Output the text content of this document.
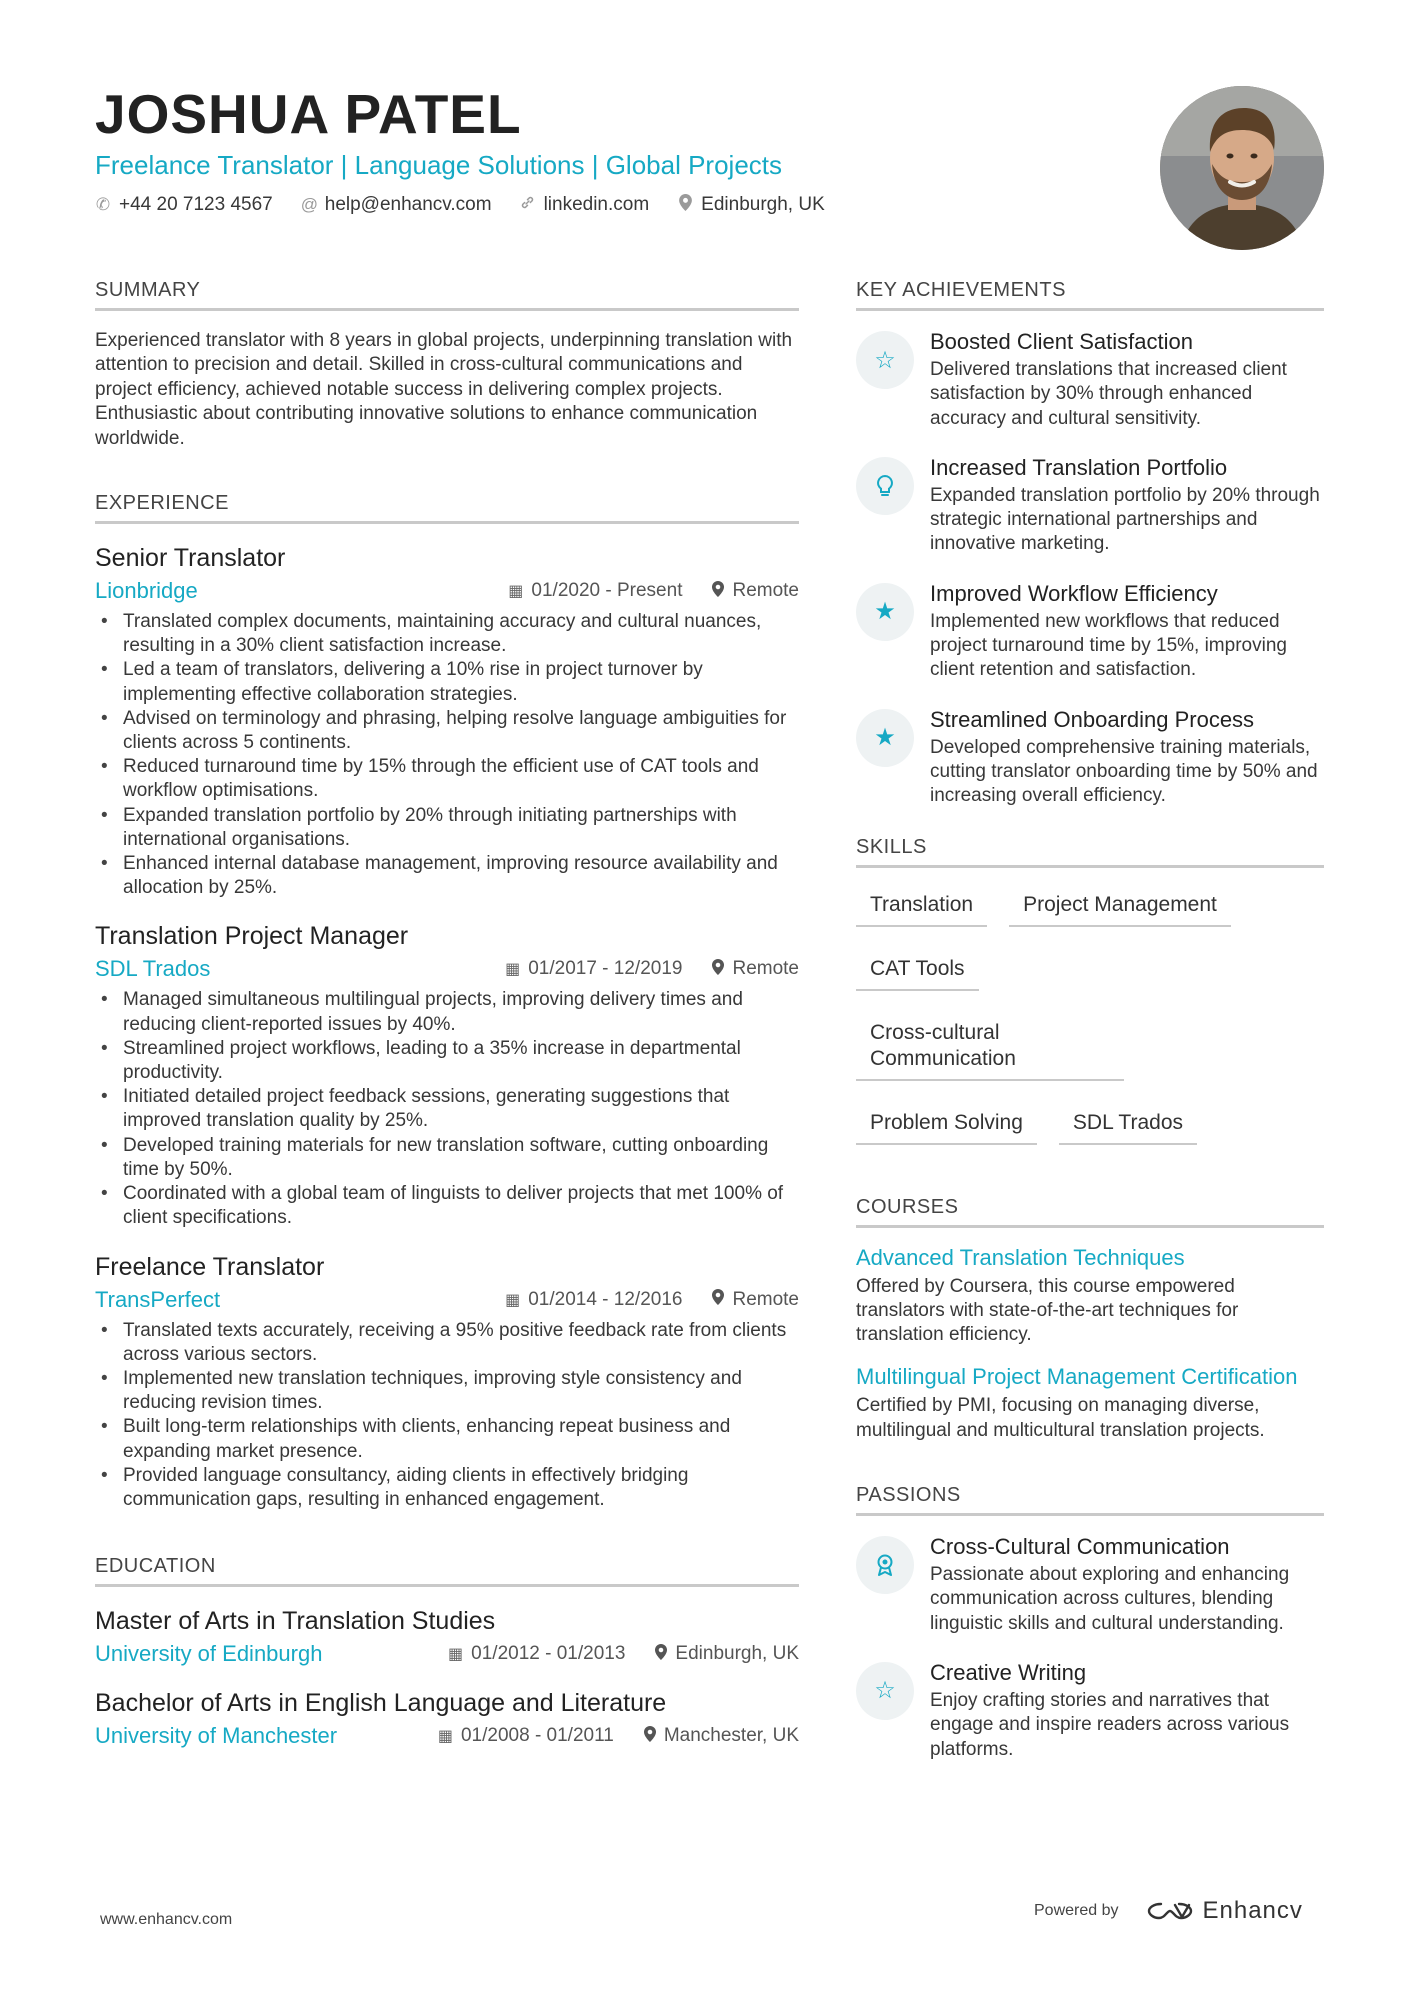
JOSHUA PATEL
Freelance Translator | Language Solutions | Global Projects
✆ +44 20 7123 4567 @ help@enhancv.com	linkedin.com	Edinburgh, UK
SUMMARY
Experienced translator with 8 years in global projects, underpinning translation with attention to precision and detail. Skilled in cross-cultural communications and project efficiency, achieved notable success in delivering complex projects. Enthusiastic about contributing innovative solutions to enhance communication worldwide.
EXPERIENCE
Senior Translator
Lionbridge	▦ 01/2020 - Present	Remote
• Translated complex documents, maintaining accuracy and cultural nuances, resulting in a 30% client satisfaction increase.
• Led a team of translators, delivering a 10% rise in project turnover by implementing effective collaboration strategies.
• Advised on terminology and phrasing, helping resolve language ambiguities for clients across 5 continents.
• Reduced turnaround time by 15% through the efficient use of CAT tools and workflow optimisations.
• Expanded translation portfolio by 20% through initiating partnerships with international organisations.
• Enhanced internal database management, improving resource availability and allocation by 25%.
Translation Project Manager
SDL Trados	▦ 01/2017 - 12/2019	Remote
• Managed simultaneous multilingual projects, improving delivery times and reducing client-reported issues by 40%.
• Streamlined project workflows, leading to a 35% increase in departmental productivity.
• Initiated detailed project feedback sessions, generating suggestions that improved translation quality by 25%.
• Developed training materials for new translation software, cutting onboarding time by 50%.
• Coordinated with a global team of linguists to deliver projects that met 100% of client specifications.
Freelance Translator
TransPerfect	▦ 01/2014 - 12/2016	Remote
• Translated texts accurately, receiving a 95% positive feedback rate from clients across various sectors.
• Implemented new translation techniques, improving style consistency and reducing revision times.
• Built long-term relationships with clients, enhancing repeat business and expanding market presence.
• Provided language consultancy, aiding clients in effectively bridging communication gaps, resulting in enhanced engagement.
EDUCATION
Master of Arts in Translation Studies
University of Edinburgh	▦ 01/2012 - 01/2013	Edinburgh, UK
Bachelor of Arts in English Language and Literature
University of Manchester	▦ 01/2008 - 01/2011	Manchester, UK
KEY ACHIEVEMENTS
☆
Boosted Client Satisfaction
Delivered translations that increased client satisfaction by 30% through enhanced accuracy and cultural sensitivity.
Increased Translation Portfolio
Expanded translation portfolio by 20% through strategic international partnerships and innovative marketing.
★
Improved Workflow Efficiency
Implemented new workflows that reduced project turnaround time by 15%, improving client retention and satisfaction.
★
Streamlined Onboarding Process
Developed comprehensive training materials, cutting translator onboarding time by 50% and increasing overall efficiency.
SKILLS
Translation	Project Management
CAT Tools
Cross-cultural Communication
Problem Solving	SDL Trados
COURSES
Advanced Translation Techniques
Offered by Coursera, this course empowered translators with state-of-the-art techniques for translation efficiency.
Multilingual Project Management Certification
Certified by PMI, focusing on managing diverse, multilingual and multicultural translation projects.
PASSIONS
Cross-Cultural Communication
Passionate about exploring and enhancing communication across cultures, blending linguistic skills and cultural understanding.
☆
Creative Writing
Enjoy crafting stories and narratives that engage and inspire readers across various platforms.
www.enhancv.com
Powered by	Enhancv
